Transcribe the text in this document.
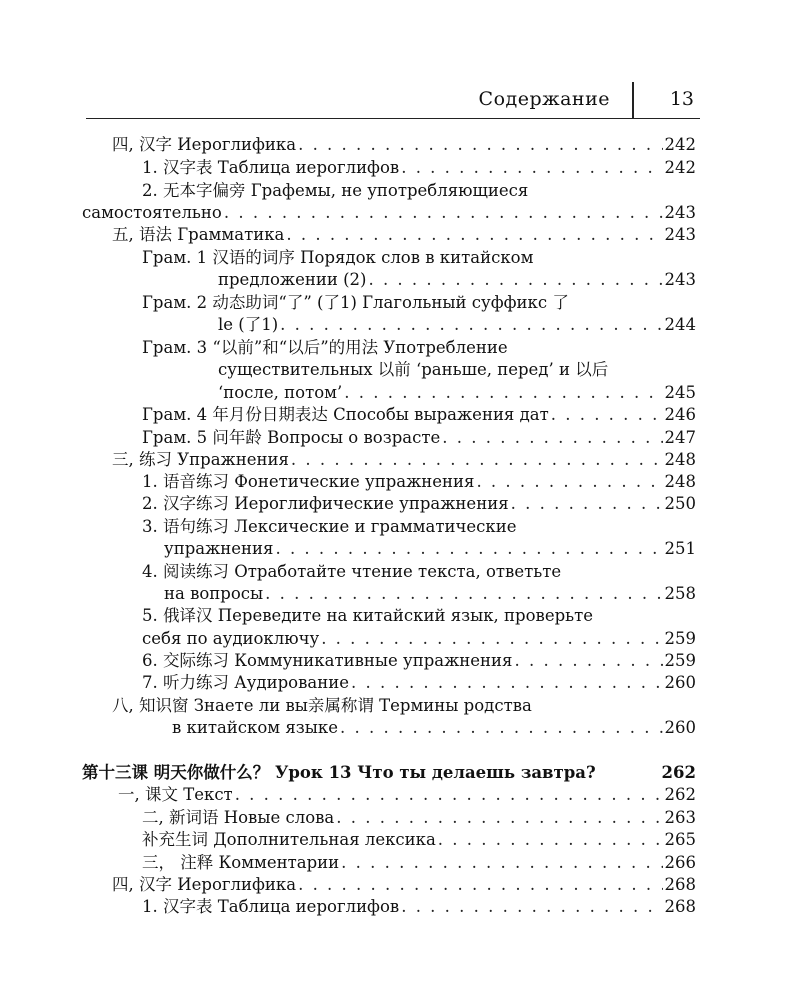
Содержание	13
四, 汉字 Иероглифика . . .	242
1. 汉字表 Таблица иероглифов . . .	242
2. 无本字偏旁 Графемы, не употребляющиеся
самостоятельно . . .	243
五, 语法 Грамматика . . .	243
Грам. 1 汉语的词序 Порядок слов в китайском
предложении (2) . . .	243
Грам. 2 动态助词“了” (了1) Глагольный суффикс 了
le (了1) . . .	244
Грам. 3 “以前”和“以后”的用法 Употребление
существительных 以前 ‘раньше, перед’ и 以后
‘после, потом’ . . .	245
Грам. 4 年月份日期表达 Способы выражения дат . . .	246
Грам. 5 问年龄 Вопросы о возрасте . . .	247
三, 练习 Упражнения . . .	248
1. 语音练习 Фонетические упражнения . . .	248
2. 汉字练习 Иероглифические упражнения . . .	250
3. 语句练习 Лексические и грамматические
упражнения . . .	251
4. 阅读练习 Отработайте чтение текста, ответьте
на вопросы . . .	258
5. 俄译汉 Переведите на китайский язык, проверьте
себя по аудиоключу . . .	259
6. 交际练习 Коммуникативные упражнения . . .	259
7. 听力练习 Аудирование . . .	260
八, 知识窗 Знаете ли вы亲属称谓 Термины родства
в китайском языке . . .	260
第十三课 明天你做什么？ Урок 13 Что ты делаешь завтра?	262
一, 课文 Текст . . .	262
二, 新词语 Новые слова . . .	263
补充生词 Дополнительная лексика . . .	265
三， 注释 Комментарии . . .	266
四, 汉字 Иероглифика . . .	268
1. 汉字表 Таблица иероглифов . . .	268
